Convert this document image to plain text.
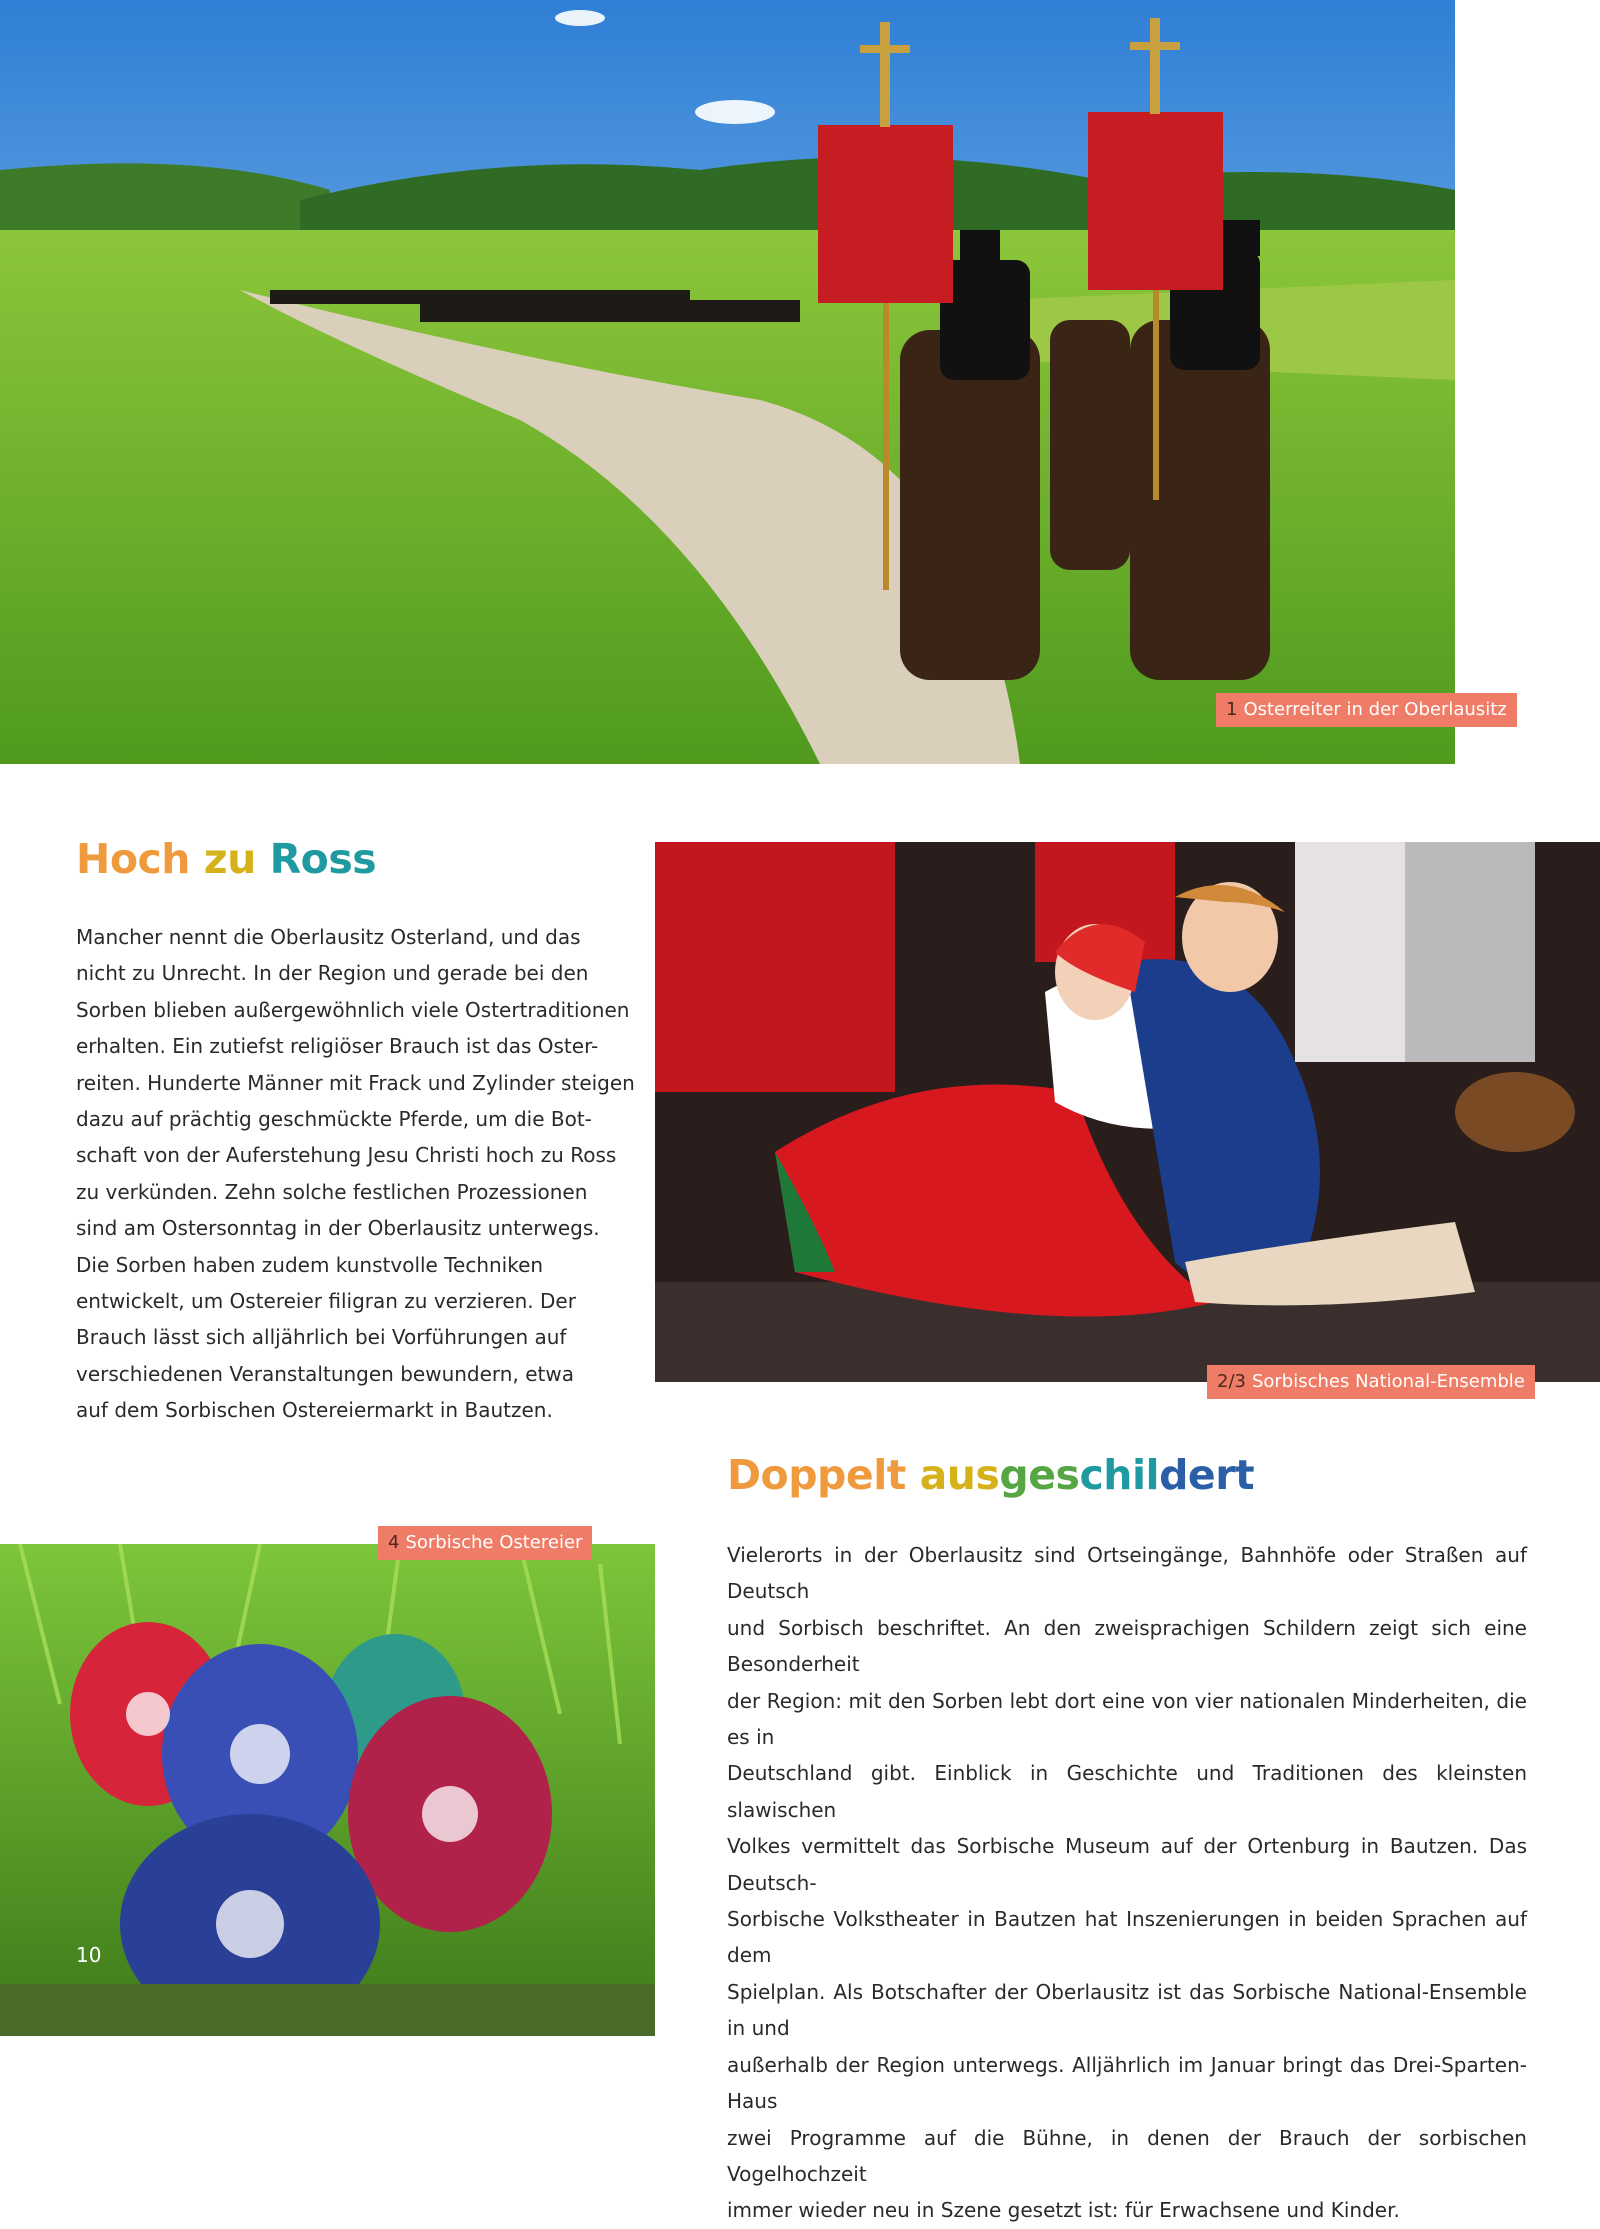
1 Osterreiter in der Oberlausitz
Hoch zu Ross
Mancher nennt die Oberlausitz Osterland, und das
nicht zu Unrecht. In der Region und gerade bei den
Sorben blieben außergewöhnlich viele Ostertraditionen
erhalten. Ein zutiefst religiöser Brauch ist das Oster-
reiten. Hunderte Männer mit Frack und Zylinder steigen
dazu auf prächtig geschmückte Pferde, um die Bot-
schaft von der Auferstehung Jesu Christi hoch zu Ross
zu verkünden. Zehn solche festlichen Prozessionen
sind am Ostersonntag in der Oberlausitz unterwegs.
Die Sorben haben zudem kunstvolle Techniken
entwickelt, um Ostereier filigran zu verzieren. Der
Brauch lässt sich alljährlich bei Vorführungen auf
verschiedenen Veranstaltungen bewundern, etwa
auf dem Sorbischen Ostereiermarkt in Bautzen.
2/3 Sorbisches National-Ensemble
Doppelt ausgeschildert
Vielerorts in der Oberlausitz sind Ortseingänge, Bahnhöfe oder Straßen auf Deutsch
und Sorbisch beschriftet. An den zweisprachigen Schildern zeigt sich eine Besonderheit
der Region: mit den Sorben lebt dort eine von vier nationalen Minderheiten, die es in
Deutschland gibt. Einblick in Geschichte und Traditionen des kleinsten slawischen
Volkes vermittelt das Sorbische Museum auf der Ortenburg in Bautzen. Das Deutsch-
Sorbische Volkstheater in Bautzen hat Inszenierungen in beiden Sprachen auf dem
Spielplan. Als Botschafter der Oberlausitz ist das Sorbische National-Ensemble in und
außerhalb der Region unterwegs. Alljährlich im Januar bringt das Drei-Sparten-Haus
zwei Programme auf die Bühne, in denen der Brauch der sorbischen Vogelhochzeit
immer wieder neu in Szene gesetzt ist: für Erwachsene und Kinder.
4 Sorbische Ostereier
10
